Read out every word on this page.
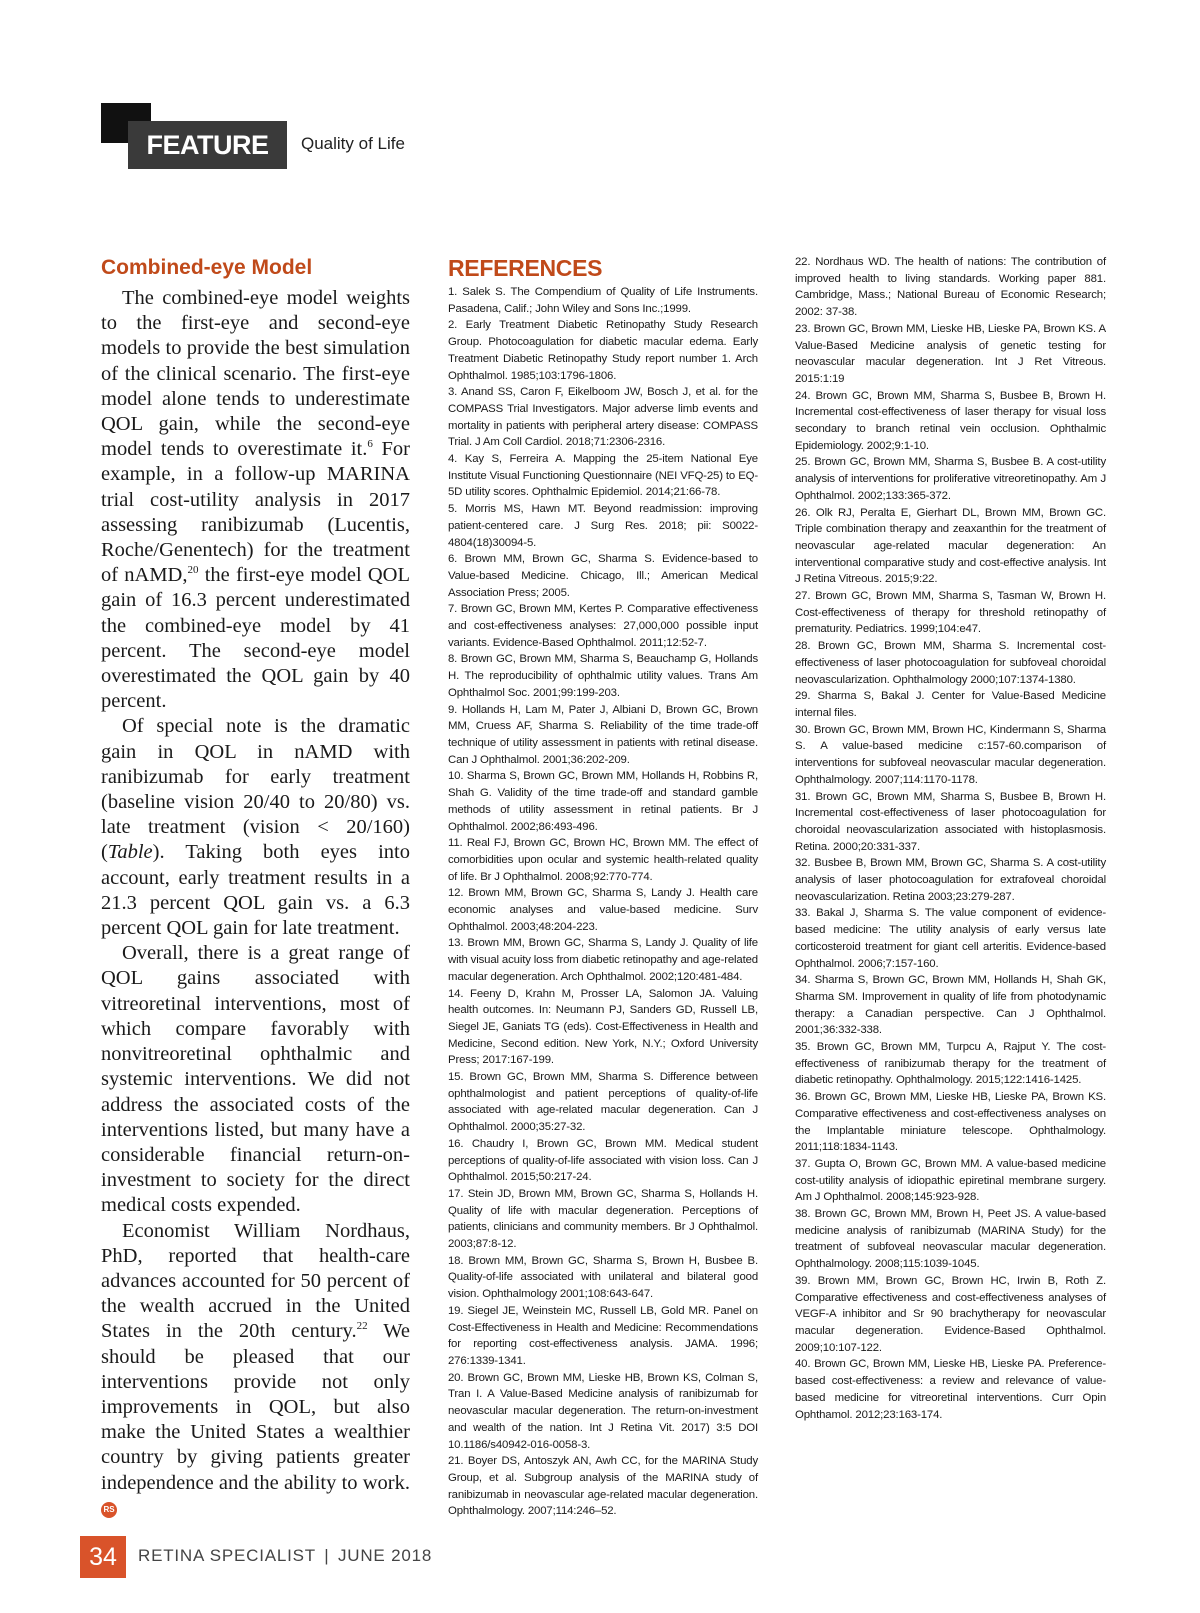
FEATURE	Quality of Life
Combined-eye Model

The combined-eye model weights to the first-eye and second-eye models to provide the best simulation of the clinical scenario. The first-eye model alone tends to underestimate QOL gain, while the second-eye model tends to overestimate it.$^6$ For example, in a follow-up MARINA trial cost-utility analysis in 2017 assessing ranibizumab (Lucentis, Roche/Genentech) for the treatment of nAMD,$^{20}$ the first-eye model QOL gain of 16.3 percent underestimated the combined-eye model by 41 percent. The second-eye model overestimated the QOL gain by 40 percent.

Of special note is the dramatic gain in QOL in nAMD with ranibizumab for early treatment (baseline vision 20/40 to 20/80) vs. late treatment (vision < 20/160) (Table). Taking both eyes into account, early treatment results in a 21.3 percent QOL gain vs. a 6.3 percent QOL gain for late treatment.

Overall, there is a great range of QOL gains associated with vitreoretinal interventions, most of which compare favorably with nonvitreoretinal ophthalmic and systemic interventions. We did not address the associated costs of the interventions listed, but many have a considerable financial return-on-investment to society for the direct medical costs expended.

Economist William Nordhaus, PhD, reported that health-care advances accounted for 50 percent of the wealth accrued in the United States in the 20th century.$^{22}$ We should be pleased that our interventions provide not only improvements in QOL, but also make the United States a wealthier country by giving patients greater independence and the ability to work. RS

REFERENCES
1. Salek S. The Compendium of Quality of Life Instruments. Pasadena, Calif.; John Wiley and Sons Inc.;1999.
2. Early Treatment Diabetic Retinopathy Study Research Group. Photocoagulation for diabetic macular edema. Early Treatment Diabetic Retinopathy Study report number 1. Arch Ophthalmol. 1985;103:1796-1806.
3. Anand SS, Caron F, Eikelboom JW, Bosch J, et al. for the COMPASS Trial Investigators. Major adverse limb events and mortality in patients with peripheral artery disease: COMPASS Trial. J Am Coll Cardiol. 2018;71:2306-2316.
4. Kay S, Ferreira A. Mapping the 25-item National Eye Institute Visual Functioning Questionnaire (NEI VFQ-25) to EQ-5D utility scores. Ophthalmic Epidemiol. 2014;21:66-78.
5. Morris MS, Hawn MT. Beyond readmission: improving patient-centered care. J Surg Res. 2018; pii: S0022-4804(18)30094-5.
6. Brown MM, Brown GC, Sharma S. Evidence-based to Value-based Medicine. Chicago, Ill.; American Medical Association Press; 2005.
7. Brown GC, Brown MM, Kertes P. Comparative effectiveness and cost-effectiveness analyses: 27,000,000 possible input variants. Evidence-Based Ophthalmol. 2011;12:52-7.
8. Brown GC, Brown MM, Sharma S, Beauchamp G, Hollands H. The reproducibility of ophthalmic utility values. Trans Am Ophthalmol Soc. 2001;99:199-203.
9. Hollands H, Lam M, Pater J, Albiani D, Brown GC, Brown MM, Cruess AF, Sharma S. Reliability of the time trade-off technique of utility assessment in patients with retinal disease. Can J Ophthalmol. 2001;36:202-209.
10. Sharma S, Brown GC, Brown MM, Hollands H, Robbins R, Shah G. Validity of the time trade-off and standard gamble methods of utility assessment in retinal patients. Br J Ophthalmol. 2002;86:493-496.
11. Real FJ, Brown GC, Brown HC, Brown MM. The effect of comorbidities upon ocular and systemic health-related quality of life. Br J Ophthalmol. 2008;92:770-774.
12. Brown MM, Brown GC, Sharma S, Landy J. Health care economic analyses and value-based medicine. Surv Ophthalmol. 2003;48:204-223.
13. Brown MM, Brown GC, Sharma S, Landy J. Quality of life with visual acuity loss from diabetic retinopathy and age-related macular degeneration. Arch Ophthalmol. 2002;120:481-484.
14. Feeny D, Krahn M, Prosser LA, Salomon JA. Valuing health outcomes. In: Neumann PJ, Sanders GD, Russell LB, Siegel JE, Ganiats TG (eds). Cost-Effectiveness in Health and Medicine, Second edition. New York, N.Y.; Oxford University Press; 2017:167-199.
15. Brown GC, Brown MM, Sharma S. Difference between ophthalmologist and patient perceptions of quality-of-life associated with age-related macular degeneration. Can J Ophthalmol. 2000;35:27-32.
16. Chaudry I, Brown GC, Brown MM. Medical student perceptions of quality-of-life associated with vision loss. Can J Ophthalmol. 2015;50:217-24.
17. Stein JD, Brown MM, Brown GC, Sharma S, Hollands H. Quality of life with macular degeneration. Perceptions of patients, clinicians and community members. Br J Ophthalmol. 2003;87:8-12.
18. Brown MM, Brown GC, Sharma S, Brown H, Busbee B. Quality-of-life associated with unilateral and bilateral good vision. Ophthalmology 2001;108:643-647.
19. Siegel JE, Weinstein MC, Russell LB, Gold MR. Panel on Cost-Effectiveness in Health and Medicine: Recommendations for reporting cost-effectiveness analysis. JAMA. 1996; 276:1339-1341.
20. Brown GC, Brown MM, Lieske HB, Brown KS, Colman S, Tran I. A Value-Based Medicine analysis of ranibizumab for neovascular macular degeneration. The return-on-investment and wealth of the nation. Int J Retina Vit. 2017) 3:5 DOI 10.1186/s40942-016-0058-3.
21. Boyer DS, Antoszyk AN, Awh CC, for the MARINA Study Group, et al. Subgroup analysis of the MARINA study of ranibizumab in neovascular age-related macular degeneration. Ophthalmology. 2007;114:246–52.
22. Nordhaus WD. The health of nations: The contribution of improved health to living standards. Working paper 881. Cambridge, Mass.; National Bureau of Economic Research; 2002: 37-38.
23. Brown GC, Brown MM, Lieske HB, Lieske PA, Brown KS. A Value-Based Medicine analysis of genetic testing for neovascular macular degeneration. Int J Ret Vitreous. 2015:1:19
24. Brown GC, Brown MM, Sharma S, Busbee B, Brown H. Incremental cost-effectiveness of laser therapy for visual loss secondary to branch retinal vein occlusion. Ophthalmic Epidemiology. 2002;9:1-10.
25. Brown GC, Brown MM, Sharma S, Busbee B. A cost-utility analysis of interventions for proliferative vitreoretinopathy. Am J Ophthalmol. 2002;133:365-372.
26. Olk RJ, Peralta E, Gierhart DL, Brown MM, Brown GC. Triple combination therapy and zeaxanthin for the treatment of neovascular age-related macular degeneration: An interventional comparative study and cost-effective analysis. Int J Retina Vitreous. 2015;9:22.
27. Brown GC, Brown MM, Sharma S, Tasman W, Brown H. Cost-effectiveness of therapy for threshold retinopathy of prematurity. Pediatrics. 1999;104:e47.
28. Brown GC, Brown MM, Sharma S. Incremental cost-effectiveness of laser photocoagulation for subfoveal choroidal neovascularization. Ophthalmology 2000;107:1374-1380.
29. Sharma S, Bakal J. Center for Value-Based Medicine internal files.
30. Brown GC, Brown MM, Brown HC, Kindermann S, Sharma S. A value-based medicine c:157-60.comparison of interventions for subfoveal neovascular macular degeneration. Ophthalmology. 2007;114:1170-1178.
31. Brown GC, Brown MM, Sharma S, Busbee B, Brown H. Incremental cost-effectiveness of laser photocoagulation for choroidal neovascularization associated with histoplasmosis. Retina. 2000;20:331-337.
32. Busbee B, Brown MM, Brown GC, Sharma S. A cost-utility analysis of laser photocoagulation for extrafoveal choroidal neovascularization. Retina 2003;23:279-287.
33. Bakal J, Sharma S. The value component of evidence-based medicine: The utility analysis of early versus late corticosteroid treatment for giant cell arteritis. Evidence-based Ophthalmol. 2006;7:157-160.
34. Sharma S, Brown GC, Brown MM, Hollands H, Shah GK, Sharma SM. Improvement in quality of life from photodynamic therapy: a Canadian perspective. Can J Ophthalmol. 2001;36:332-338.
35. Brown GC, Brown MM, Turpcu A, Rajput Y. The cost-effectiveness of ranibizumab therapy for the treatment of diabetic retinopathy. Ophthalmology. 2015;122:1416-1425.
36. Brown GC, Brown MM, Lieske HB, Lieske PA, Brown KS. Comparative effectiveness and cost-effectiveness analyses on the Implantable miniature telescope. Ophthalmology. 2011;118:1834-1143.
37. Gupta O, Brown GC, Brown MM. A value-based medicine cost-utility analysis of idiopathic epiretinal membrane surgery. Am J Ophthalmol. 2008;145:923-928.
38. Brown GC, Brown MM, Brown H, Peet JS. A value-based medicine analysis of ranibizumab (MARINA Study) for the treatment of subfoveal neovascular macular degeneration. Ophthalmology. 2008;115:1039-1045.
39. Brown MM, Brown GC, Brown HC, Irwin B, Roth Z. Comparative effectiveness and cost-effectiveness analyses of VEGF-A inhibitor and Sr 90 brachytherapy for neovascular macular degeneration. Evidence-Based Ophthalmol. 2009;10:107-122.
40. Brown GC, Brown MM, Lieske HB, Lieske PA. Preference-based cost-effectiveness: a review and relevance of value-based medicine for vitreoretinal interventions. Curr Opin Ophthamol. 2012;23:163-174.
34	RETINA SPECIALIST | JUNE 2018
